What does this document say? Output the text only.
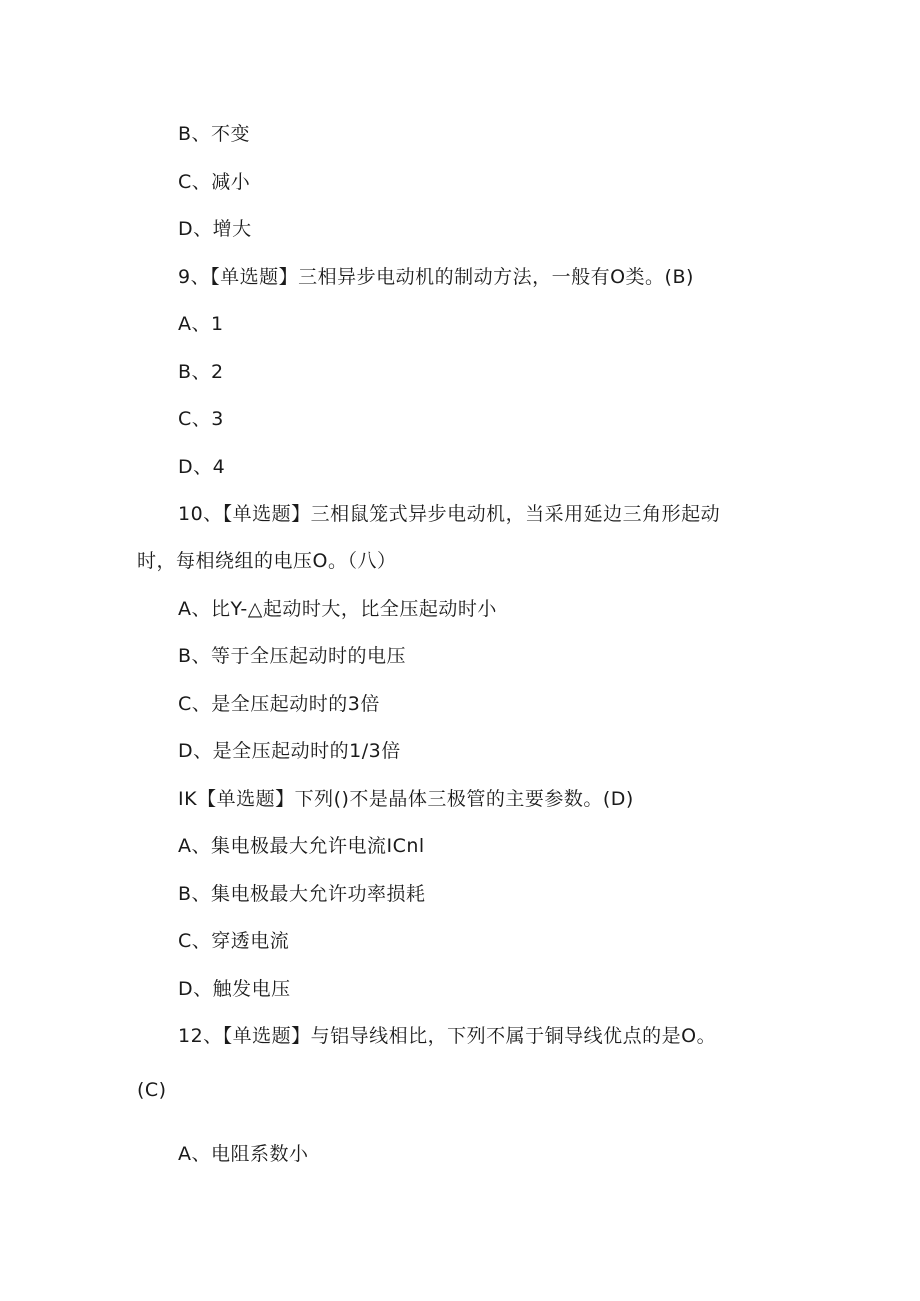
B、不变
C、减小
D、增大
9、【单选题】三相异步电动机的制动方法，一般有O类。(B)
A、1
B、2
C、3
D、4
10、【单选题】三相鼠笼式异步电动机，当采用延边三角形起动
时，每相绕组的电压O。（八）
A、比Y-△起动时大，比全压起动时小
B、等于全压起动时的电压
C、是全压起动时的3倍
D、是全压起动时的1/3倍
IK【单选题】下列()不是晶体三极管的主要参数。(D)
A、集电极最大允许电流ICnl
B、集电极最大允许功率损耗
C、穿透电流
D、触发电压
12、【单选题】与铝导线相比，下列不属于铜导线优点的是O。
(C)
A、电阻系数小
